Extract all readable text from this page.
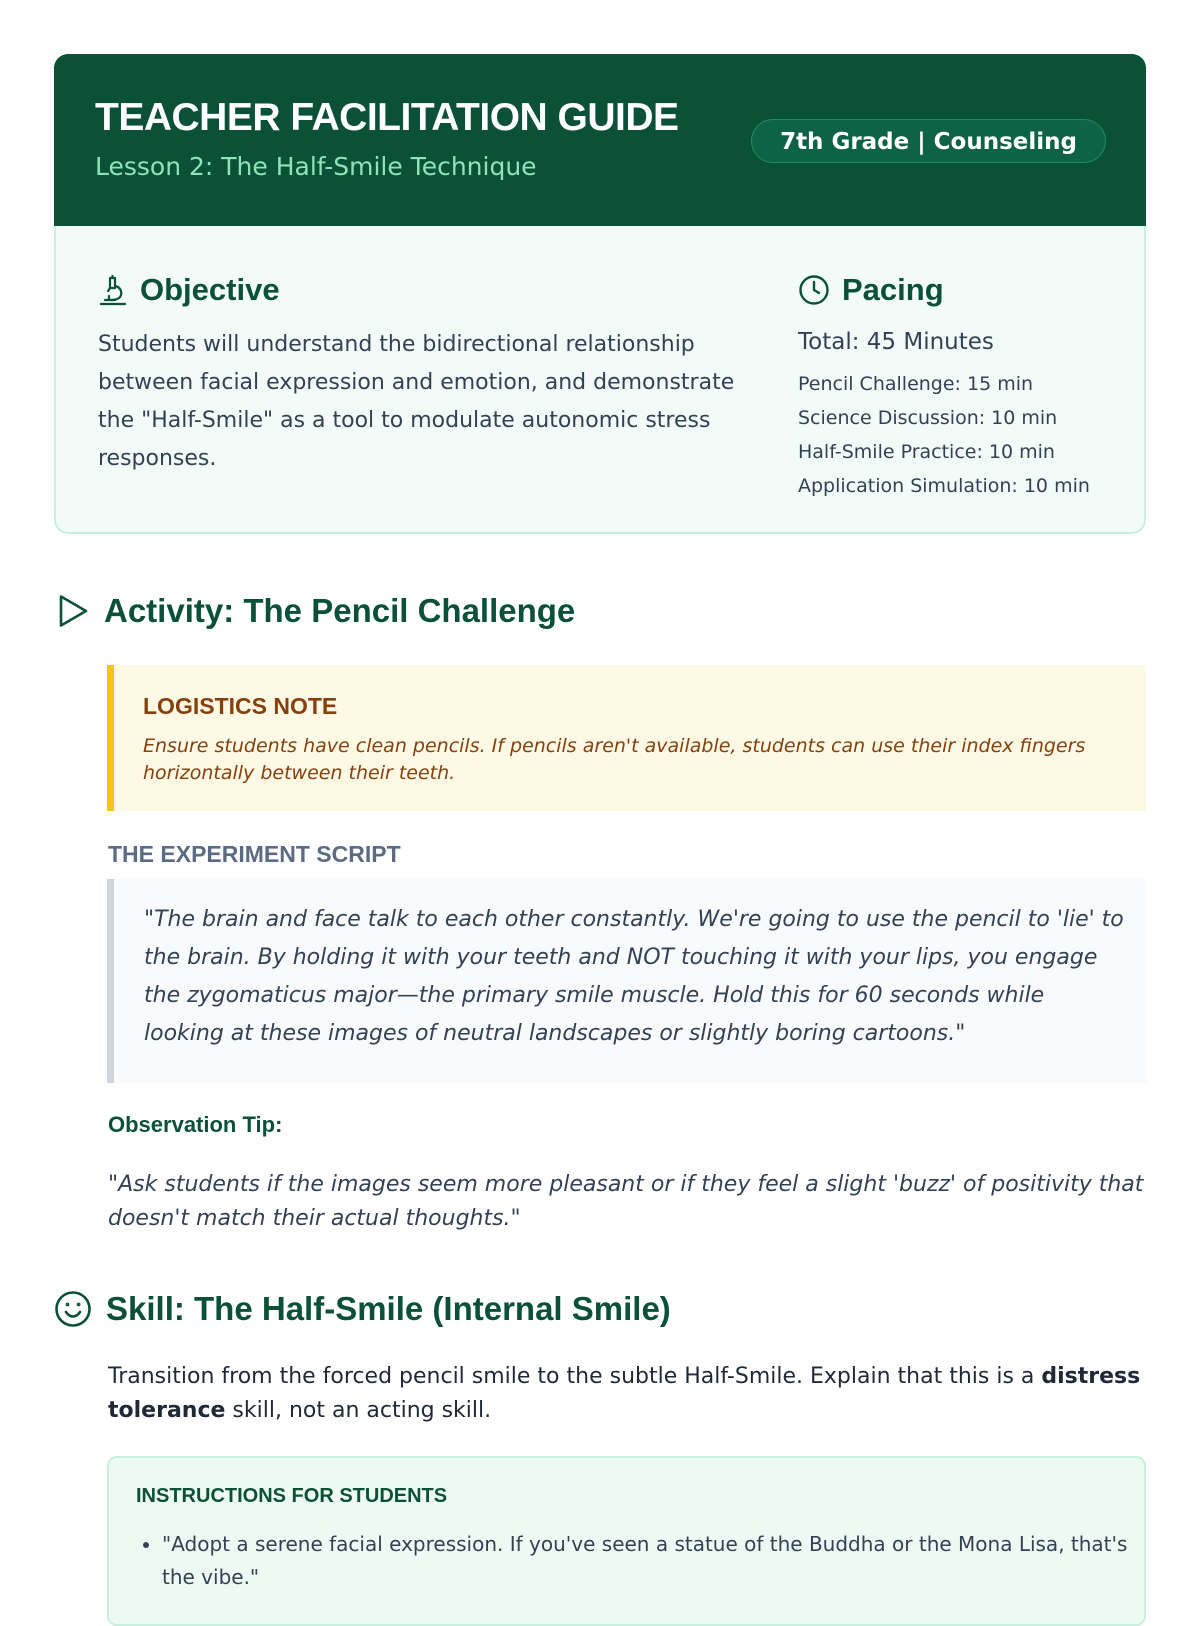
TEACHER FACILITATION GUIDE
Lesson 2: The Half-Smile Technique
7th Grade | Counseling
Objective
Students will understand the bidirectional relationship between facial expression and emotion, and demonstrate the "Half-Smile" as a tool to modulate autonomic stress responses.
Pacing
Total: 45 Minutes
Pencil Challenge: 15 min
Science Discussion: 10 min
Half-Smile Practice: 10 min
Application Simulation: 10 min
Activity: The Pencil Challenge
LOGISTICS NOTE
Ensure students have clean pencils. If pencils aren't available, students can use their index fingers horizontally between their teeth.
THE EXPERIMENT SCRIPT
"The brain and face talk to each other constantly. We're going to use the pencil to 'lie' to the brain. By holding it with your teeth and NOT touching it with your lips, you engage the zygomaticus major—the primary smile muscle. Hold this for 60 seconds while looking at these images of neutral landscapes or slightly boring cartoons."
Observation Tip:
"Ask students if the images seem more pleasant or if they feel a slight 'buzz' of positivity that doesn't match their actual thoughts."
Skill: The Half-Smile (Internal Smile)
Transition from the forced pencil smile to the subtle Half-Smile. Explain that this is a distress tolerance skill, not an acting skill.
INSTRUCTIONS FOR STUDENTS
• "Adopt a serene facial expression. If you've seen a statue of the Buddha or the Mona Lisa, that's the vibe."
